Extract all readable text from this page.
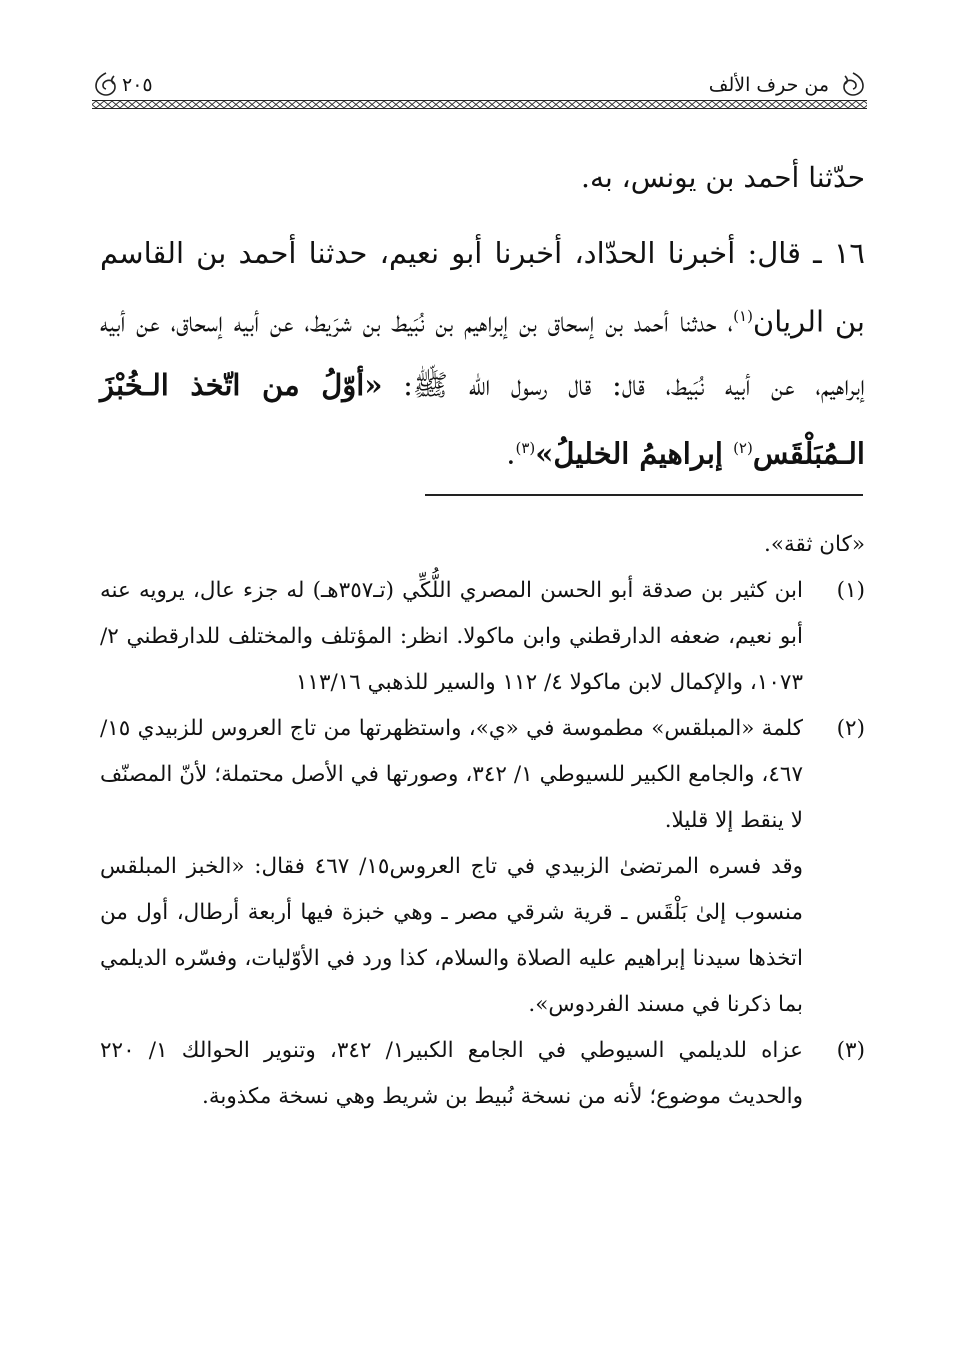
من حرف الألف
٢٠٥

حدّثنا أحمد بن يونس، به.

١٦ ـ قال: أخبرنا الحدّاد، أخبرنا أبو نعيم، حدثنا أحمد بن القاسم بن الريان$^{(١)}$، حدثنا أحمد بن إسحاق بن إبراهيم بن نُبَيط بن شرَيط، عن أبيه إسحاق، عن أبيه إبراهيم، عن أبيه نُبَيط، قال: قال رسول الله ﷺ: «أوّلُ من اتّخذ الـخُبْزَ الـمُبَلْقَس$^{(٢)}$ إبراهيمُ الخليلُ»$^{(٣)}$.

«كان ثقة».

(١)
ابن كثير بن صدقة أبو الحسن المصري اللُّكِّي (تـ٣٥٧هـ) له جزء عال، يرويه عنه أبو نعيم، ضعفه الدارقطني وابن ماكولا. انظر: المؤتلف والمختلف للدارقطني ٢/ ١٠٧٣، والإكمال لابن ماكولا ٤/ ١١٢ والسير للذهبي ١١٣/١٦
(٢)
كلمة «المبلقس» مطموسة في «ي»، واستظهرتها من تاج العروس للزبيدي ١٥/ ٤٦٧، والجامع الكبير للسيوطي ١/ ٣٤٢، وصورتها في الأصل محتملة؛ لأنّ المصنّف لا ينقط إلا قليلا.

وقد فسره المرتضىٰ الزبيدي في تاج العروس١٥/ ٤٦٧ فقال: «الخبز المبلقس منسوب إلىٰ بَلْقَس ـ قرية شرقي مصر ـ وهي خبزة فيها أربعة أرطال، أول من اتخذها سيدنا إبراهيم عليه الصلاة والسلام، كذا ورد في الأوّليات، وفسّره الديلمي بما ذكرنا في مسند الفردوس».

(٣)
عزاه للديلمي السيوطي في الجامع الكبير١/ ٣٤٢، وتنوير الحوالك ١/ ٢٢٠ والحديث موضوع؛ لأنه من نسخة نُبيط بن شريط وهي نسخة مكذوبة.
